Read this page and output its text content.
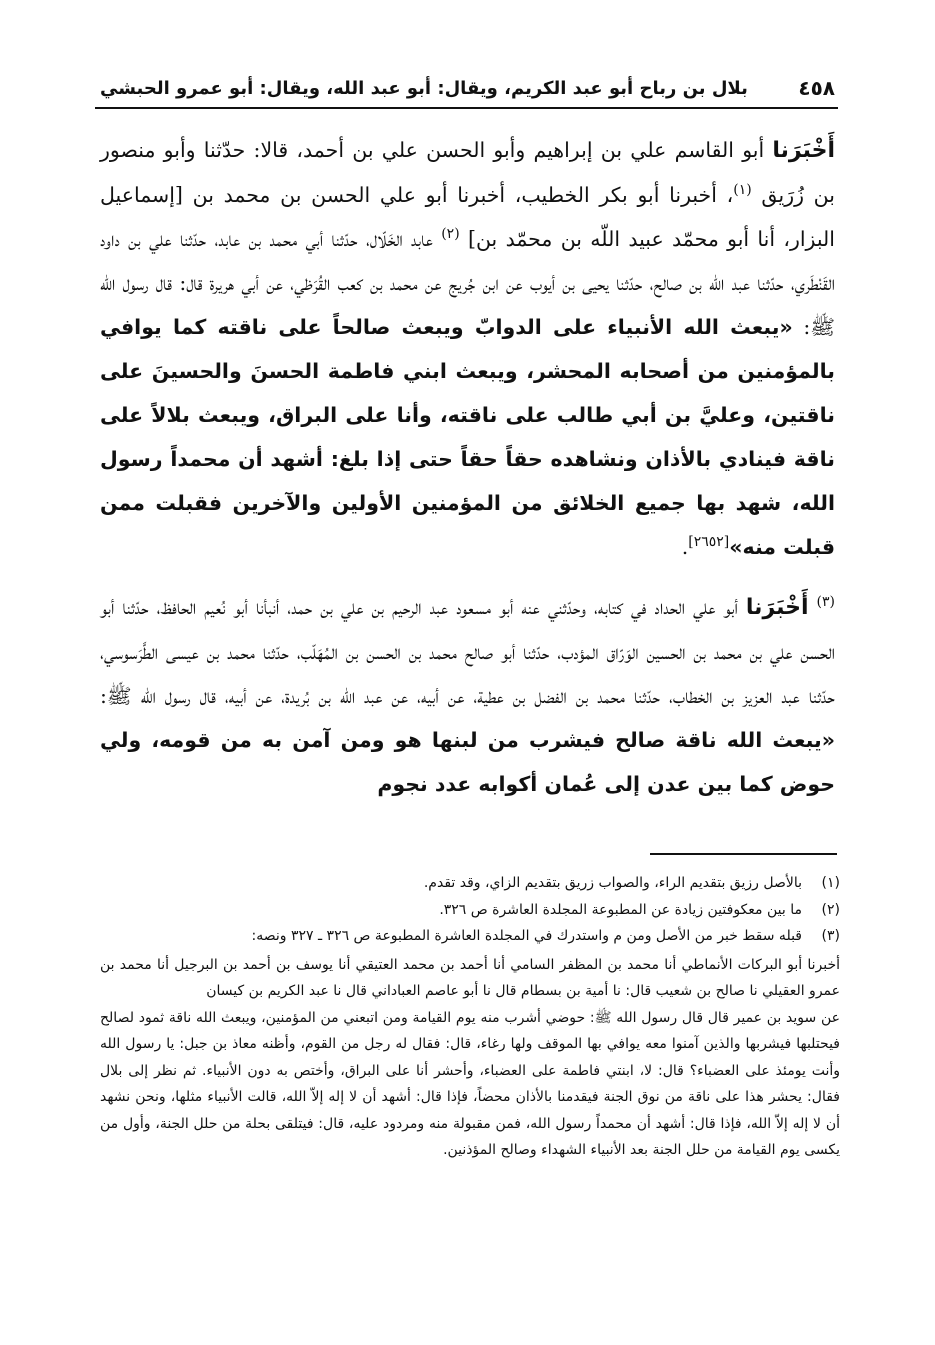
٤٥٨
بلال بن رباح أبو عبد الكريم، ويقال: أبو عبد الله، ويقال: أبو عمرو الحبشي

أَخْبَرَنا أبو القاسم علي بن إبراهيم وأبو الحسن علي بن أحمد، قالا: حدّثنا وأبو منصور بن زُرَيق $^{(١)}$، أخبرنا أبو بكر الخطيب، أخبرنا أبو علي الحسن بن محمد بن [إسماعيل البزار، أنا أبو محمّد عبيد اللّه بن محمّد بن] $^{(٢)}$ عابد الخَلّال، حدّثنا أبي محمد بن عابد، حدّثنا علي بن داود القَنْطَري، حدّثنا عبد الله بن صالح، حدّثنا يحيى بن أيوب عن ابن جُريج عن محمد بن كعب القُرَظي، عن أبي هريرة قال: قال رسول الله ﷺ: «يبعث الله الأنبياء على الدوابّ ويبعث صالحاً على ناقته كما يوافي بالمؤمنين من أصحابه المحشر، ويبعث ابني فاطمة الحسنَ والحسينَ على ناقتين، وعليَّ بن أبي طالب على ناقته، وأنا على البراق، ويبعث بلالاً على ناقة فينادي بالأذان ونشاهده حقاً حقاً حتى إذا بلغ: أشهد أن محمداً رسول الله، شهد بها جميع الخلائق من المؤمنين الأولين والآخرين فقبلت ممن قبلت منه»[٢٦٥٢].

$^{(٣)}$ أَخْبَرَنا أبو علي الحداد في كتابه، وحدّثني عنه أبو مسعود عبد الرحيم بن علي بن حمد، أنبأنا أبو نُعيم الحافظ، حدّثنا أبو الحسن علي بن محمد بن الحسين الوَرّاق المؤدب، حدّثنا أبو صالح محمد بن الحسن بن المُهَلّب، حدّثنا محمد بن عيسى الطَّرَسوسي، حدّثنا عبد العزيز بن الخطاب، حدّثنا محمد بن الفضل بن عطية، عن أبيه، عن عبد اللّه بن بُريدة، عن أبيه، قال رسول الله ﷺ: «يبعث الله ناقة صالح فيشرب من لبنها هو ومن آمن به من قومه، ولي حوض كما بين عدن إلى عُمان أكوابه عدد نجوم

(١)

بالأصل رزيق بتقديم الراء، والصواب زريق بتقديم الزاي، وقد تقدم.

(٢)

ما بين معكوفتين زيادة عن المطبوعة المجلدة العاشرة ص ٣٢٦.

(٣)

قبله سقط خبر من الأصل ومن م واستدرك في المجلدة العاشرة المطبوعة ص ٣٢٦ ـ ٣٢٧ ونصه:

أخبرنا أبو البركات الأنماطي أنا محمد بن المظفر السامي أنا أحمد بن محمد العتيقي أنا يوسف بن أحمد بن البرجيل أنا محمد بن عمرو العقيلي نا صالح بن شعيب قال: نا أمية بن بسطام قال نا أبو عاصم العباداني قال نا عبد الكريم بن كيسان

عن سويد بن عمير قال قال رسول الله ﷺ: حوضي أشرب منه يوم القيامة ومن اتبعني من المؤمنين، ويبعث الله ناقة ثمود لصالح فيحتلبها فيشربها والذين آمنوا معه يوافي بها الموقف ولها رغاء، قال: فقال له رجل من القوم، وأظنه معاذ بن جبل: يا رسول الله وأنت يومئذ على العضباء؟ قال: لا، ابنتي فاطمة على العضباء، وأحشر أنا على البراق، وأختص به دون الأنبياء. ثم نظر إلى بلال فقال: يحشر هذا على ناقة من نوق الجنة فيقدمنا بالأذان محضاً، فإذا قال: أشهد أن لا إله إلاّ الله، قالت الأنبياء مثلها، ونحن نشهد أن لا إله إلاّ الله، فإذا قال: أشهد أن محمداً رسول الله، فمن مقبولة منه ومردود عليه، قال: فيتلقى بحلة من حلل الجنة، وأول من يكسى يوم القيامة من حلل الجنة بعد الأنبياء الشهداء وصالح المؤذنين.
